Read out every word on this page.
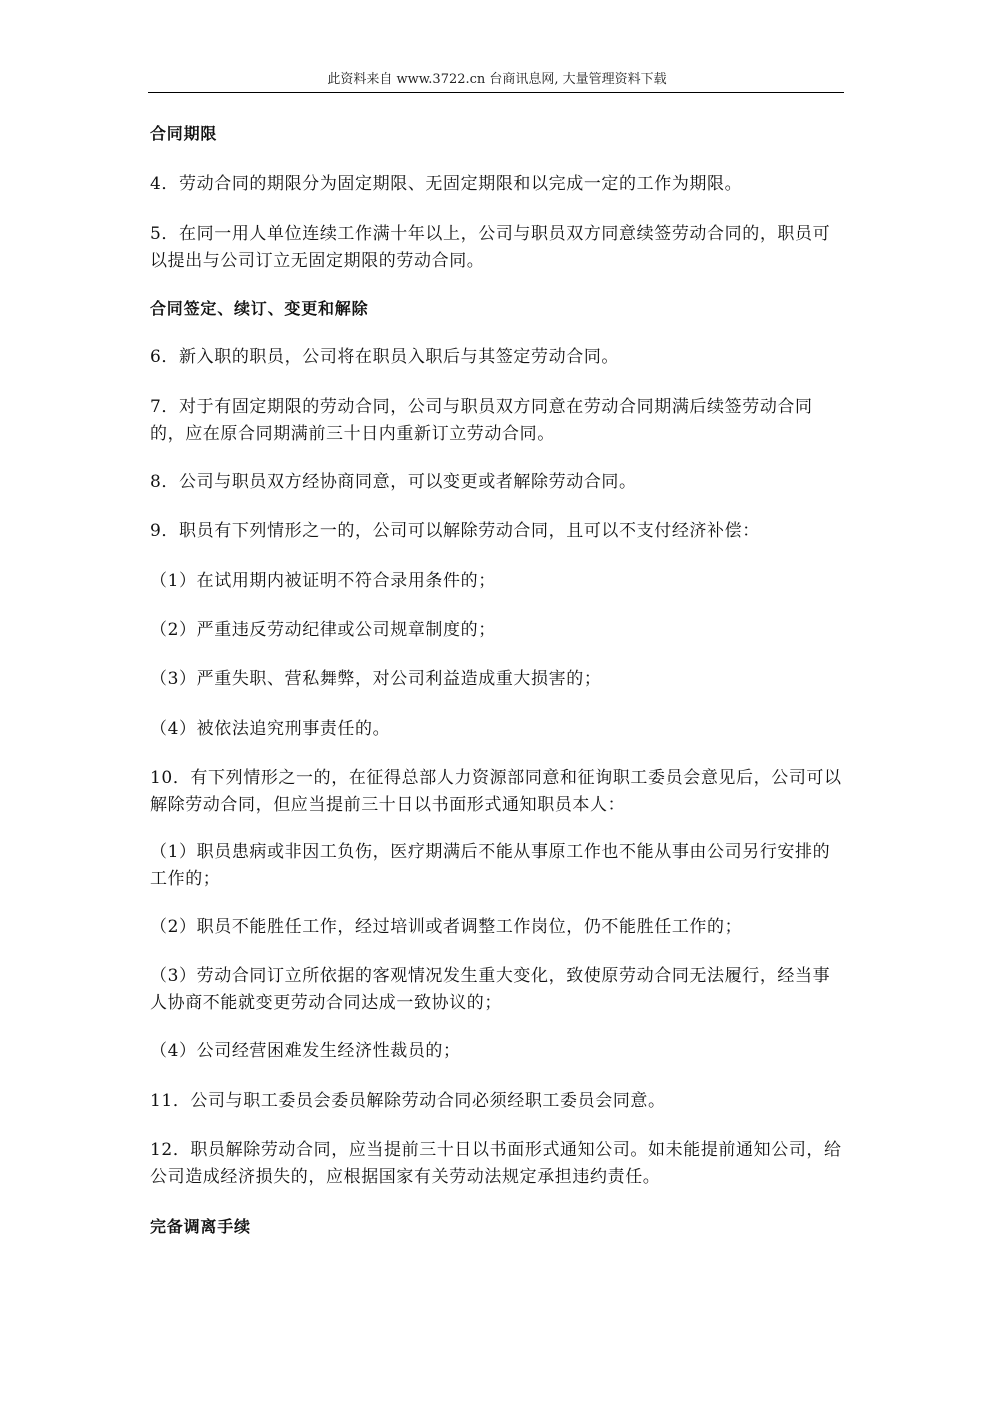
此资料来自 www.3722.cn 台商讯息网, 大量管理资料下载
合同期限
4．劳动合同的期限分为固定期限、无固定期限和以完成一定的工作为期限。
5．在同一用人单位连续工作满十年以上，公司与职员双方同意续签劳动合同的，职员可以提出与公司订立无固定期限的劳动合同。
合同签定、续订、变更和解除
6．新入职的职员，公司将在职员入职后与其签定劳动合同。
7．对于有固定期限的劳动合同，公司与职员双方同意在劳动合同期满后续签劳动合同的，应在原合同期满前三十日内重新订立劳动合同。
8．公司与职员双方经协商同意，可以变更或者解除劳动合同。
9．职员有下列情形之一的，公司可以解除劳动合同，且可以不支付经济补偿：
（1）在试用期内被证明不符合录用条件的；
（2）严重违反劳动纪律或公司规章制度的；
（3）严重失职、营私舞弊，对公司利益造成重大损害的；
（4）被依法追究刑事责任的。
10．有下列情形之一的，在征得总部人力资源部同意和征询职工委员会意见后，公司可以解除劳动合同，但应当提前三十日以书面形式通知职员本人：
（1）职员患病或非因工负伤，医疗期满后不能从事原工作也不能从事由公司另行安排的工作的；
（2）职员不能胜任工作，经过培训或者调整工作岗位，仍不能胜任工作的；
（3）劳动合同订立所依据的客观情况发生重大变化，致使原劳动合同无法履行，经当事人协商不能就变更劳动合同达成一致协议的；
（4）公司经营困难发生经济性裁员的；
11．公司与职工委员会委员解除劳动合同必须经职工委员会同意。
12．职员解除劳动合同，应当提前三十日以书面形式通知公司。如未能提前通知公司，给公司造成经济损失的，应根据国家有关劳动法规定承担违约责任。
完备调离手续
